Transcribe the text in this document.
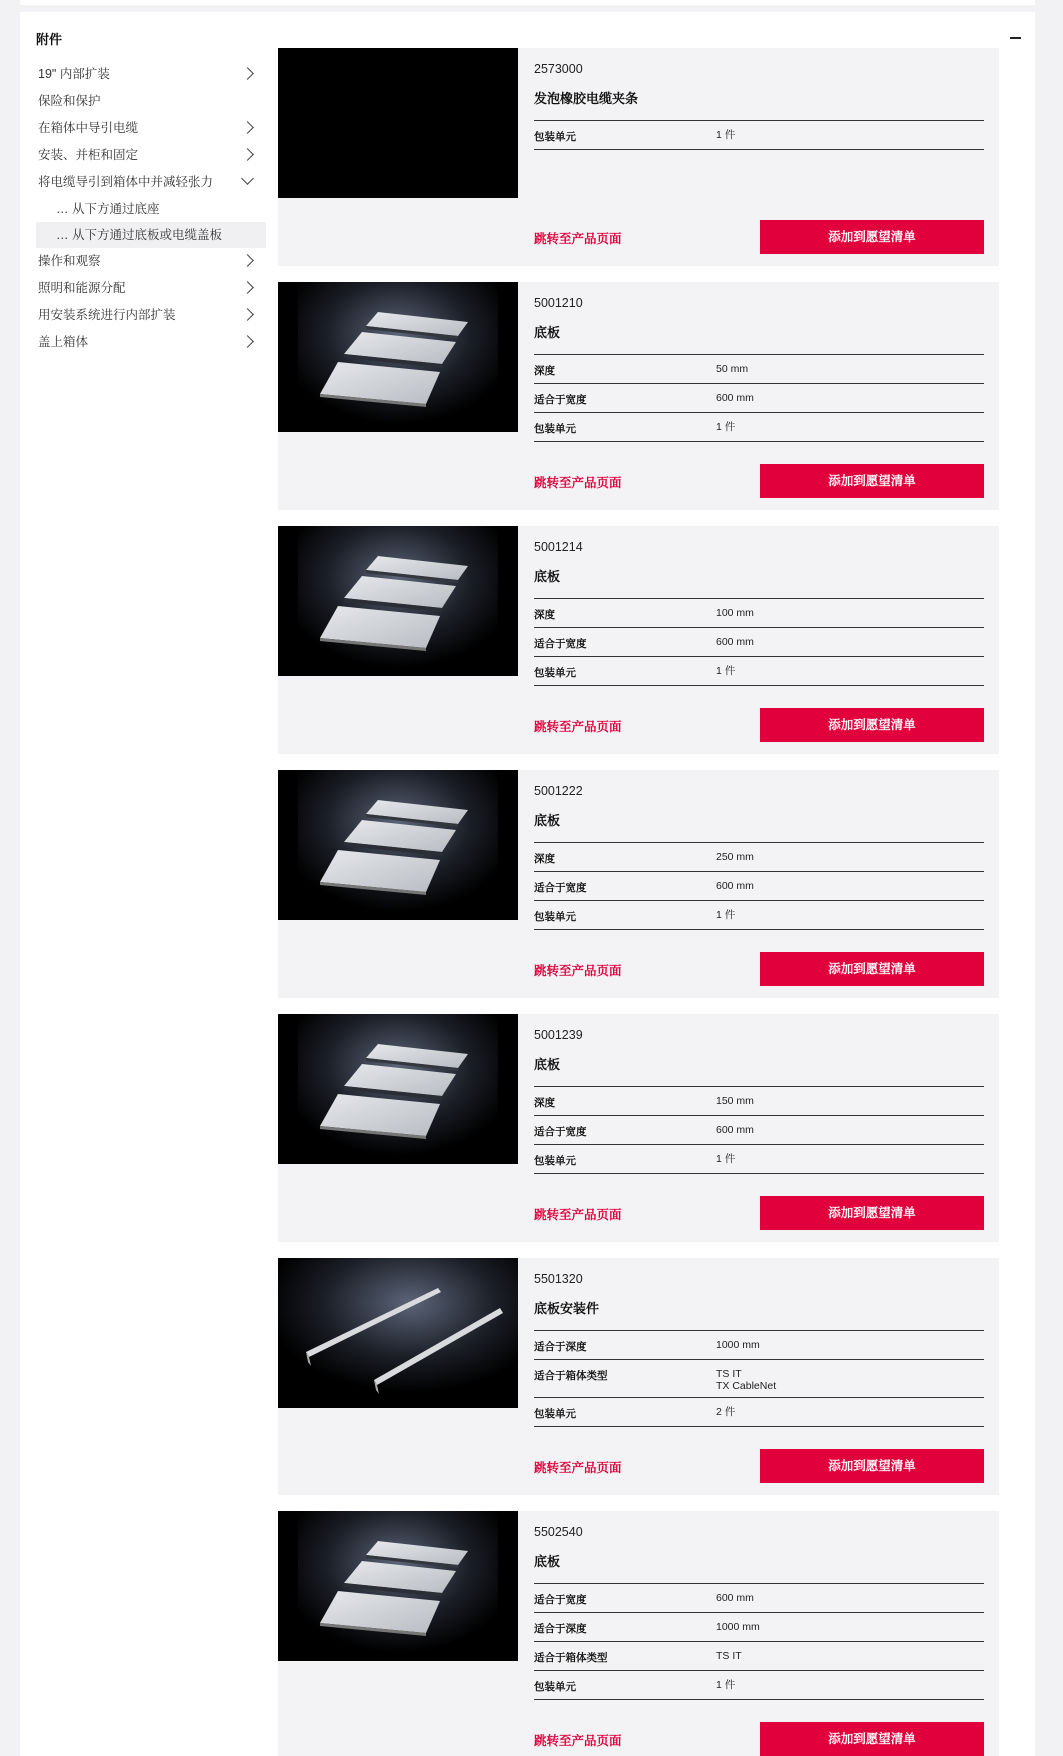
附件
19" 内部扩装
保险和保护
在箱体中导引电缆
安装、并柜和固定
将电缆导引到箱体中并减轻张力
… 从下方通过底座
… 从下方通过底板或电缆盖板
操作和观察
照明和能源分配
用安装系统进行内部扩装
盖上箱体
2573000
发泡橡胶电缆夹条
包装单元	1 件
跳转至产品页面	添加到愿望清单
5001210
底板
深度	50 mm
适合于宽度	600 mm
包装单元	1 件
跳转至产品页面	添加到愿望清单
5001214
底板
深度	100 mm
适合于宽度	600 mm
包装单元	1 件
跳转至产品页面	添加到愿望清单
5001222
底板
深度	250 mm
适合于宽度	600 mm
包装单元	1 件
跳转至产品页面	添加到愿望清单
5001239
底板
深度	150 mm
适合于宽度	600 mm
包装单元	1 件
跳转至产品页面	添加到愿望清单
5501320
底板安装件
适合于深度	1000 mm
适合于箱体类型	TS IT
TX CableNet
包装单元	2 件
跳转至产品页面	添加到愿望清单
5502540
底板
适合于宽度	600 mm
适合于深度	1000 mm
适合于箱体类型	TS IT
包装单元	1 件
跳转至产品页面	添加到愿望清单
